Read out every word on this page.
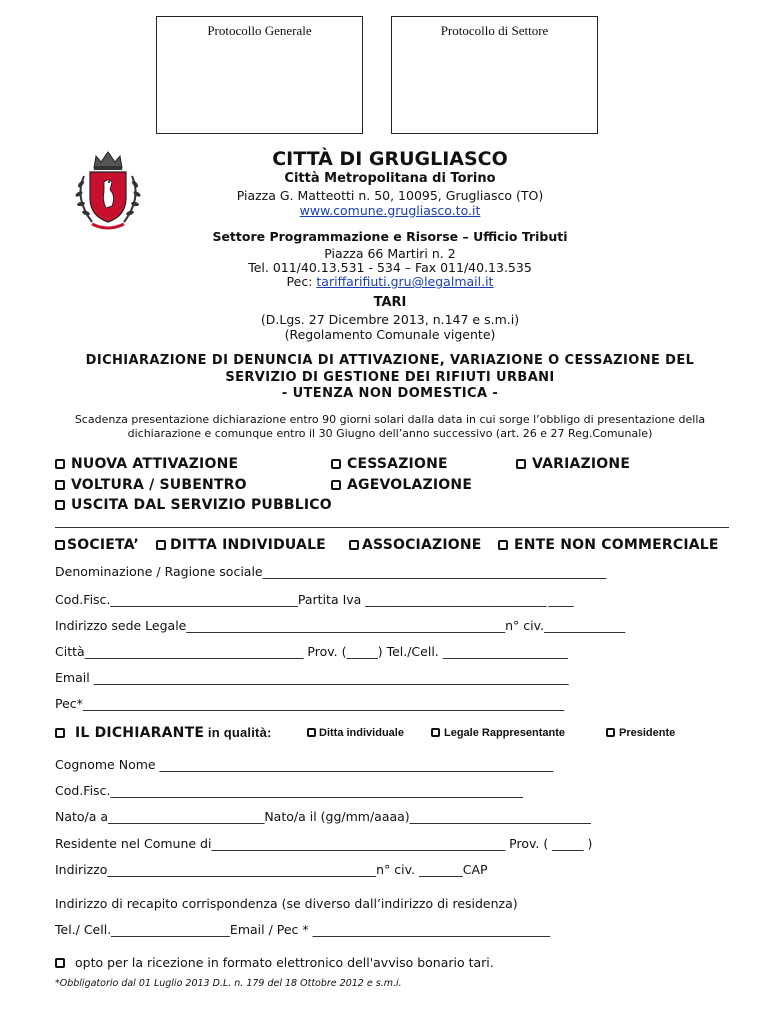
Protocollo Generale	Protocollo di Settore
CITTÀ DI GRUGLIASCO
Città Metropolitana di Torino
Piazza G. Matteotti n. 50, 10095, Grugliasco (TO)
www.comune.grugliasco.to.it
Settore Programmazione e Risorse – Ufficio Tributi
Piazza 66 Martiri n. 2
Tel. 011/40.13.531 - 534 – Fax 011/40.13.535
Pec: tariffarifiuti.gru@legalmail.it
TARI
(D.Lgs. 27 Dicembre 2013, n.147 e s.m.i)
(Regolamento Comunale vigente)
DICHIARAZIONE DI DENUNCIA DI ATTIVAZIONE, VARIAZIONE O CESSAZIONE DEL
SERVIZIO DI GESTIONE DEI RIFIUTI URBANI
- UTENZA NON DOMESTICA -
Scadenza presentazione dichiarazione entro 90 giorni solari dalla data in cui sorge l’obbligo di presentazione della
dichiarazione e comunque entro il 30 Giugno dell’anno successivo (art. 26 e 27 Reg.Comunale)
NUOVA ATTIVAZIONE	CESSAZIONE	VARIAZIONE
VOLTURA / SUBENTRO	AGEVOLAZIONE
USCITA DAL SERVIZIO PUBBLICO
SOCIETA’	DITTA INDIVIDUALE	ASSOCIAZIONE	ENTE NON COMMERCIALE
Denominazione / Ragione sociale_______________________________________________________
Cod.Fisc.______________________________Partita Iva _____________________________ ____
Indirizzo sede Legale___________________________________________________n° civ._____________
Città___________________________________ Prov. (_____) Tel./Cell. ____________________
Email ____________________________________________________________________________
Pec*_____________________________________________________________________________
IL DICHIARANTE in qualità:	Ditta individuale	Legale Rappresentante	Presidente
Cognome Nome _______________________________________________________________
Cod.Fisc.__________________________________________________________________
Nato/a a_________________________Nato/a il (gg/mm/aaaa)_____________________________
Residente nel Comune di_______________________________________________ Prov. ( _____ )
Indirizzo___________________________________________n° civ. _______CAP
Indirizzo di recapito corrispondenza (se diverso dall’indirizzo di residenza)
Tel./ Cell.___________________Email / Pec * ______________________________________
opto per la ricezione in formato elettronico dell'avviso bonario tari.
*Obbligatorio dal 01 Luglio 2013 D.L. n. 179 del 18 Ottobre 2012 e s.m.i.
